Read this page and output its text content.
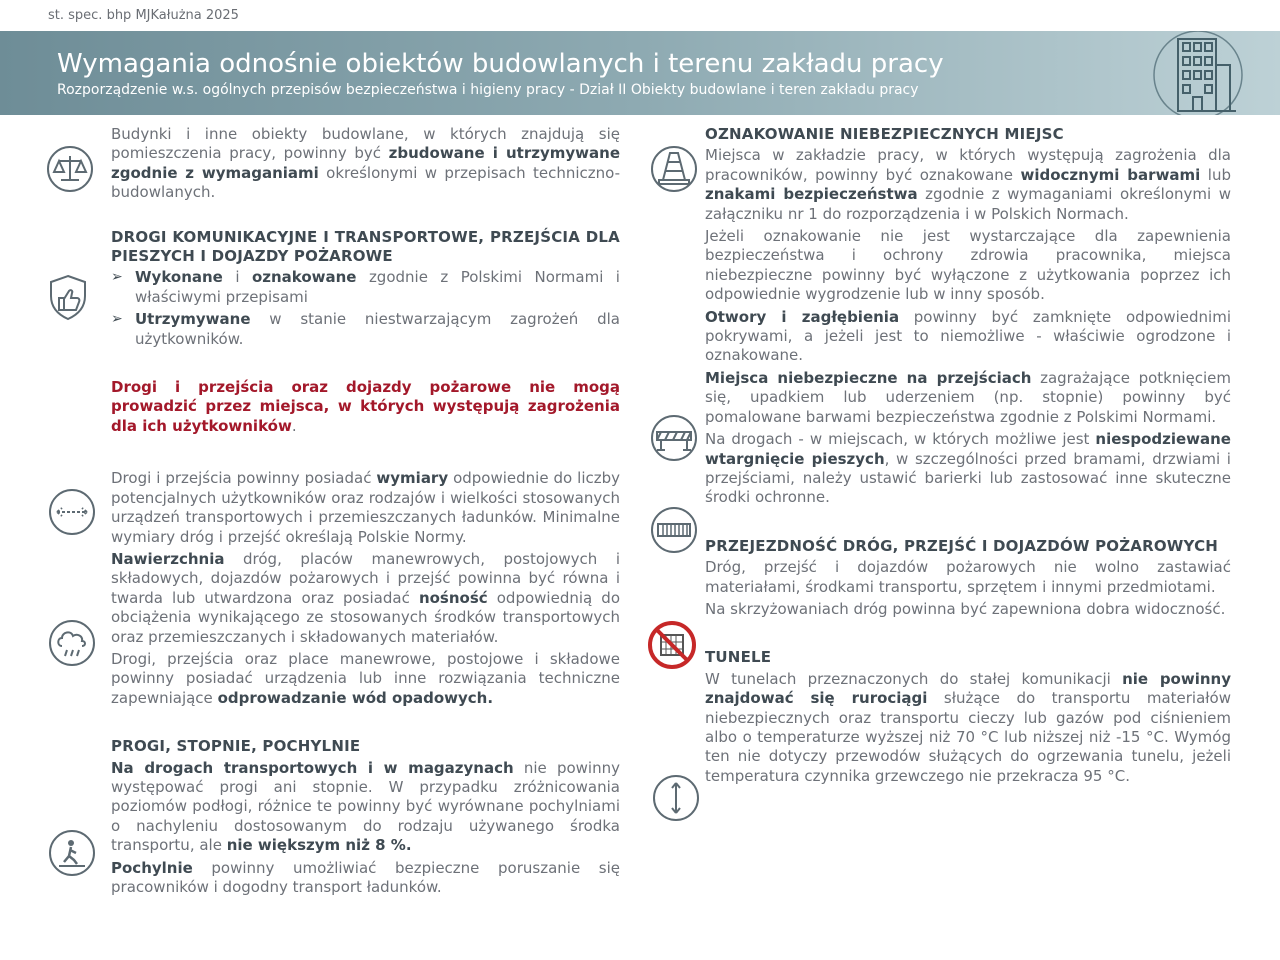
st. spec. bhp MJKałużna 2025
Wymagania odnośnie obiektów budowlanych i terenu zakładu pracy
Rozporządzenie w.s. ogólnych przepisów bezpieczeństwa i higieny pracy - Dział II Obiekty budowlane i teren zakładu pracy

Budynki i inne obiekty budowlane, w których znajdują się pomieszczenia pracy, powinny być zbudowane i utrzymywane zgodnie z wymaganiami określonymi w przepisach techniczno-budowlanych.

DROGI KOMUNIKACYJNE I TRANSPORTOWE, PRZEJŚCIA DLA PIESZYCH I DOJAZDY POŻAROWE
➢ Wykonane i oznakowane zgodnie z Polskimi Normami i właściwymi przepisami
➢ Utrzymywane w stanie niestwarzającym zagrożeń dla użytkowników.

Drogi i przejścia oraz dojazdy pożarowe nie mogą prowadzić przez miejsca, w których występują zagrożenia dla ich użytkowników.

Drogi i przejścia powinny posiadać wymiary odpowiednie do liczby potencjalnych użytkowników oraz rodzajów i wielkości stosowanych urządzeń transportowych i przemieszczanych ładunków. Minimalne wymiary dróg i przejść określają Polskie Normy.

Nawierzchnia dróg, placów manewrowych, postojowych i składowych, dojazdów pożarowych i przejść powinna być równa i twarda lub utwardzona oraz posiadać nośność odpowiednią do obciążenia wynikającego ze stosowanych środków transportowych oraz przemieszczanych i składowanych materiałów.

Drogi, przejścia oraz place manewrowe, postojowe i składowe powinny posiadać urządzenia lub inne rozwiązania techniczne zapewniające odprowadzanie wód opadowych.

PROGI, STOPNIE, POCHYLNIE

Na drogach transportowych i w magazynach nie powinny występować progi ani stopnie. W przypadku zróżnicowania poziomów podłogi, różnice te powinny być wyrównane pochylniami o nachyleniu dostosowanym do rodzaju używanego środka transportu, ale nie większym niż 8 %.

Pochylnie powinny umożliwiać bezpieczne poruszanie się pracowników i dogodny transport ładunków.

OZNAKOWANIE NIEBEZPIECZNYCH MIEJSC

Miejsca w zakładzie pracy, w których występują zagrożenia dla pracowników, powinny być oznakowane widocznymi barwami lub znakami bezpieczeństwa zgodnie z wymaganiami określonymi w załączniku nr 1 do rozporządzenia i w Polskich Normach.

Jeżeli oznakowanie nie jest wystarczające dla zapewnienia bezpieczeństwa i ochrony zdrowia pracownika, miejsca niebezpieczne powinny być wyłączone z użytkowania poprzez ich odpowiednie wygrodzenie lub w inny sposób.

Otwory i zagłębienia powinny być zamknięte odpowiednimi pokrywami, a jeżeli jest to niemożliwe - właściwie ogrodzone i oznakowane.

Miejsca niebezpieczne na przejściach zagrażające potknięciem się, upadkiem lub uderzeniem (np. stopnie) powinny być pomalowane barwami bezpieczeństwa zgodnie z Polskimi Normami.

Na drogach - w miejscach, w których możliwe jest niespodziewane wtargnięcie pieszych, w szczególności przed bramami, drzwiami i przejściami, należy ustawić barierki lub zastosować inne skuteczne środki ochronne.

PRZEJEZDNOŚĆ DRÓG, PRZEJŚĆ I DOJAZDÓW POŻAROWYCH

Dróg, przejść i dojazdów pożarowych nie wolno zastawiać materiałami, środkami transportu, sprzętem i innymi przedmiotami.

Na skrzyżowaniach dróg powinna być zapewniona dobra widoczność.

TUNELE

W tunelach przeznaczonych do stałej komunikacji nie powinny znajdować się rurociągi służące do transportu materiałów niebezpiecznych oraz transportu cieczy lub gazów pod ciśnieniem albo o temperaturze wyższej niż 70 °C lub niższej niż -15 °C. Wymóg ten nie dotyczy przewodów służących do ogrzewania tunelu, jeżeli temperatura czynnika grzewczego nie przekracza 95 °C.
